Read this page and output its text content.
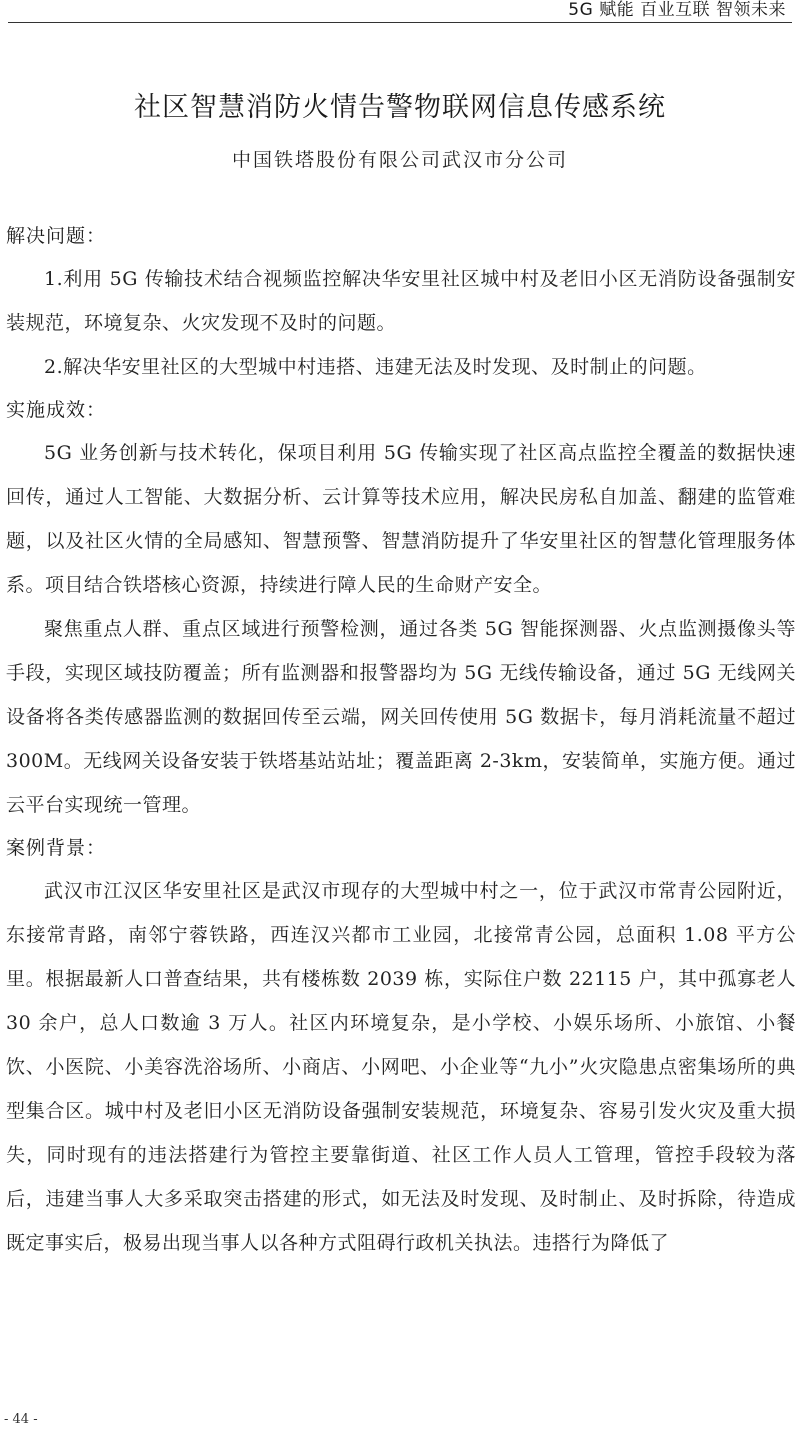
5G 赋能 百业互联 智领未来
社区智慧消防火情告警物联网信息传感系统
中国铁塔股份有限公司武汉市分公司
解决问题：

1.利用 5G 传输技术结合视频监控解决华安里社区城中村及老旧小区无消防设备强制安装规范，环境复杂、火灾发现不及时的问题。

2.解决华安里社区的大型城中村违搭、违建无法及时发现、及时制止的问题。

实施成效：

5G 业务创新与技术转化，保项目利用 5G 传输实现了社区高点监控全覆盖的数据快速回传，通过人工智能、大数据分析、云计算等技术应用，解决民房私自加盖、翻建的监管难题，以及社区火情的全局感知、智慧预警、智慧消防提升了华安里社区的智慧化管理服务体系。项目结合铁塔核心资源，持续进行障人民的生命财产安全。

聚焦重点人群、重点区域进行预警检测，通过各类 5G 智能探测器、火点监测摄像头等手段，实现区域技防覆盖；所有监测器和报警器均为 5G 无线传输设备，通过 5G 无线网关设备将各类传感器监测的数据回传至云端，网关回传使用 5G 数据卡，每月消耗流量不超过 300M。无线网关设备安装于铁塔基站站址；覆盖距离 2-3km，安装简单，实施方便。通过云平台实现统一管理。

案例背景：

武汉市江汉区华安里社区是武汉市现存的大型城中村之一，位于武汉市常青公园附近，东接常青路，南邻宁蓉铁路，西连汉兴都市工业园，北接常青公园，总面积 1.08 平方公里。根据最新人口普查结果，共有楼栋数 2039 栋，实际住户数 22115 户，其中孤寡老人 30 余户，总人口数逾 3 万人。社区内环境复杂，是小学校、小娱乐场所、小旅馆、小餐饮、小医院、小美容洗浴场所、小商店、小网吧、小企业等“九小”火灾隐患点密集场所的典型集合区。城中村及老旧小区无消防设备强制安装规范，环境复杂、容易引发火灾及重大损失，同时现有的违法搭建行为管控主要靠街道、社区工作人员人工管理，管控手段较为落后，违建当事人大多采取突击搭建的形式，如无法及时发现、及时制止、及时拆除，待造成既定事实后，极易出现当事人以各种方式阻碍行政机关执法。违搭行为降低了

- 44 -
